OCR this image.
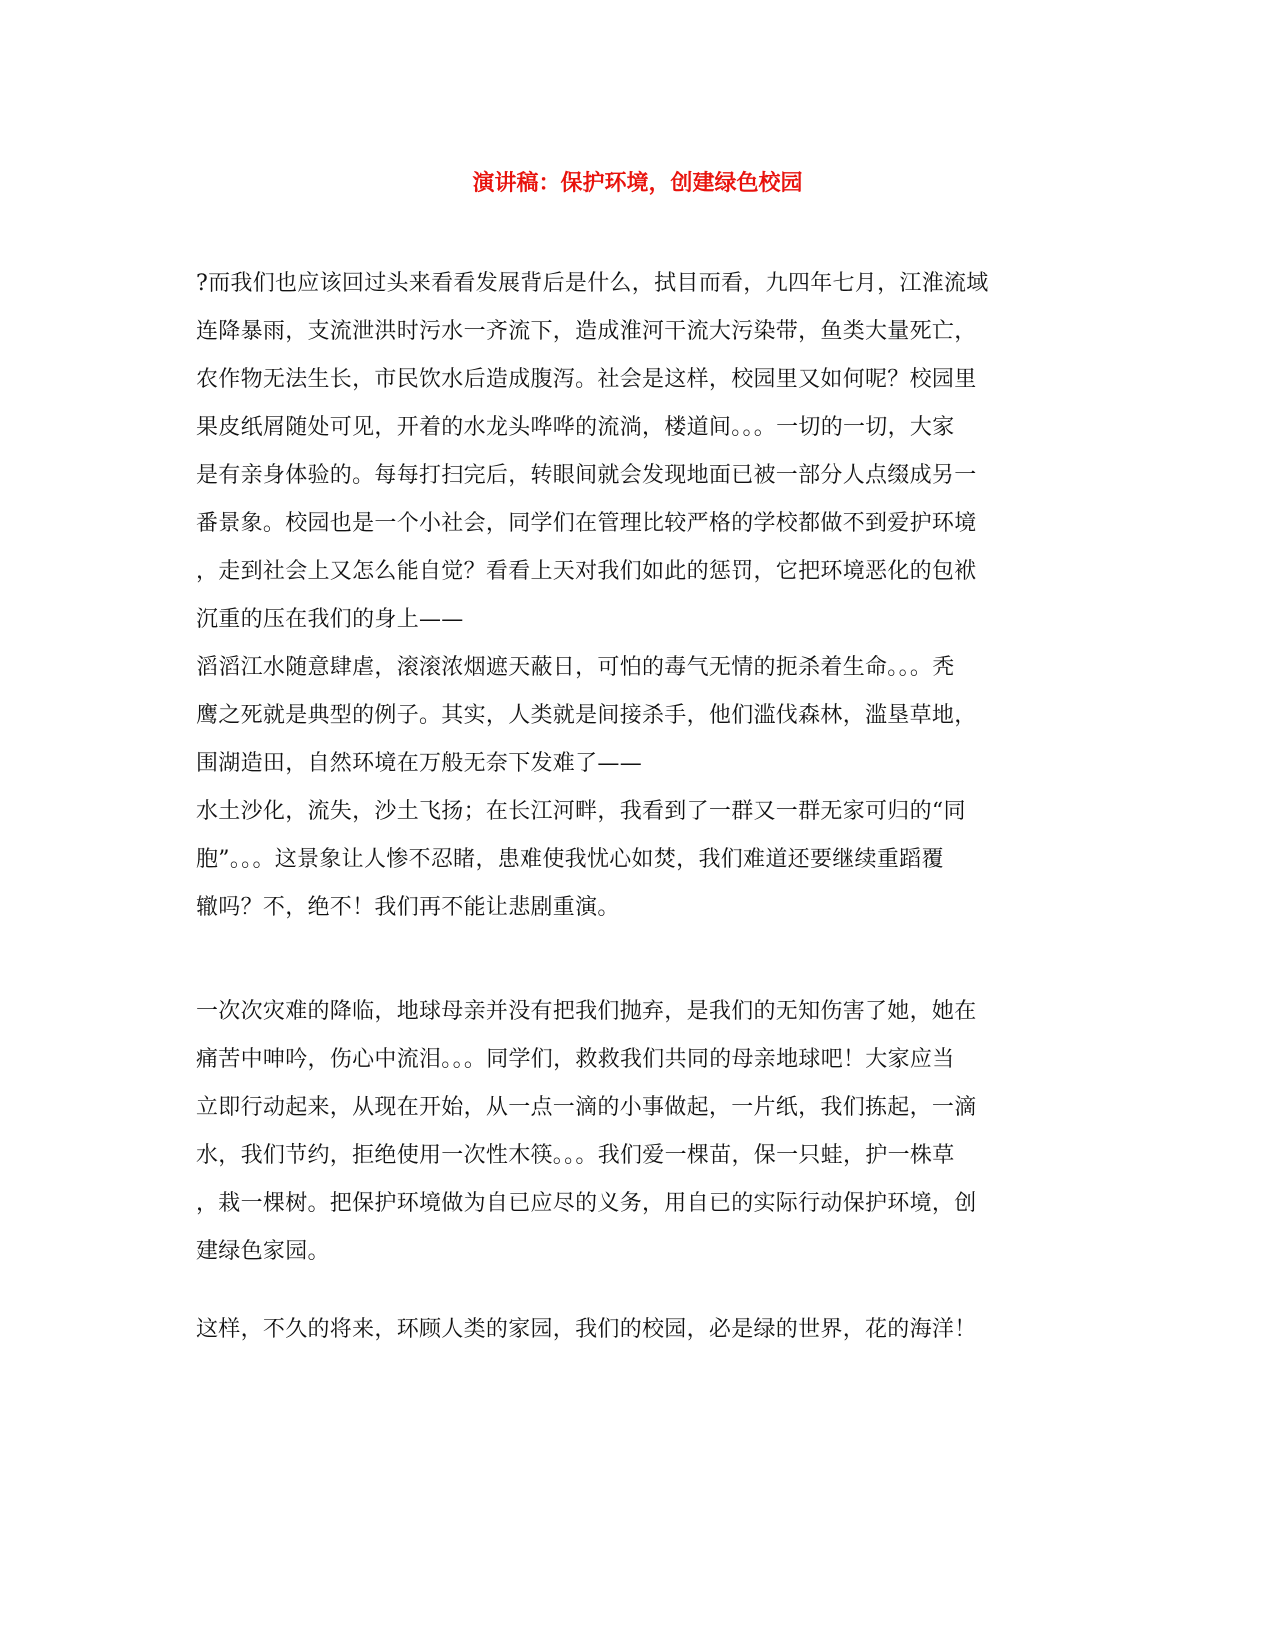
演讲稿：保护环境，创建绿色校园
?而我们也应该回过头来看看发展背后是什么，拭目而看，九四年七月，江淮流域
连降暴雨，支流泄洪时污水一齐流下，造成淮河干流大污染带，鱼类大量死亡，
农作物无法生长，市民饮水后造成腹泻。社会是这样，校园里又如何呢？校园里
果皮纸屑随处可见，开着的水龙头哗哗的流淌，楼道间。。。一切的一切，大家
是有亲身体验的。每每打扫完后，转眼间就会发现地面已被一部分人点缀成另一
番景象。校园也是一个小社会，同学们在管理比较严格的学校都做不到爱护环境
，走到社会上又怎么能自觉？看看上天对我们如此的惩罚，它把环境恶化的包袱
沉重的压在我们的身上——
滔滔江水随意肆虐，滚滚浓烟遮天蔽日，可怕的毒气无情的扼杀着生命。。。秃
鹰之死就是典型的例子。其实，人类就是间接杀手，他们滥伐森林，滥垦草地，
围湖造田，自然环境在万般无奈下发难了——
水土沙化，流失，沙土飞扬；在长江河畔，我看到了一群又一群无家可归的“同
胞”。。。这景象让人惨不忍睹，患难使我忧心如焚，我们难道还要继续重蹈覆
辙吗？不，绝不！我们再不能让悲剧重演。
一次次灾难的降临，地球母亲并没有把我们抛弃，是我们的无知伤害了她，她在
痛苦中呻吟，伤心中流泪。。。同学们，救救我们共同的母亲地球吧！大家应当
立即行动起来，从现在开始，从一点一滴的小事做起，一片纸，我们拣起，一滴
水，我们节约，拒绝使用一次性木筷。。。我们爱一棵苗，保一只蛙，护一株草
，栽一棵树。把保护环境做为自已应尽的义务，用自已的实际行动保护环境，创
建绿色家园。
这样，不久的将来，环顾人类的家园，我们的校园，必是绿的世界，花的海洋！
